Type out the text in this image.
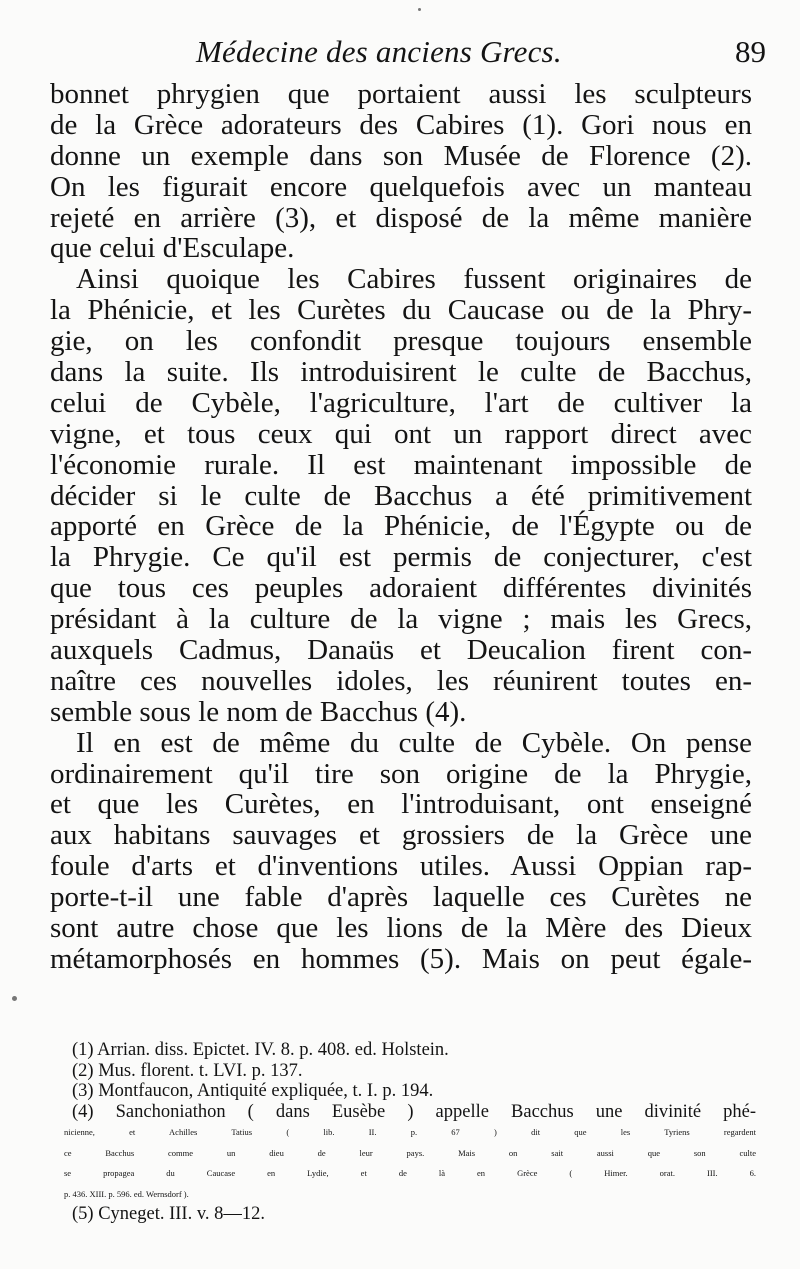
Médecine des anciens Grecs.	89
bonnet phrygien que portaient aussi les sculpteurs
de la Grèce adorateurs des Cabires (1). Gori nous en
donne un exemple dans son Musée de Florence (2).
On les figurait encore quelquefois avec un manteau
rejeté en arrière (3), et disposé de la même manière
que celui d'Esculape.
Ainsi quoique les Cabires fussent originaires de
la Phénicie, et les Curètes du Caucase ou de la Phry-
gie, on les confondit presque toujours ensemble
dans la suite. Ils introduisirent le culte de Bacchus,
celui de Cybèle, l'agriculture, l'art de cultiver la
vigne, et tous ceux qui ont un rapport direct avec
l'économie rurale. Il est maintenant impossible de
décider si le culte de Bacchus a été primitivement
apporté en Grèce de la Phénicie, de l'Égypte ou de
la Phrygie. Ce qu'il est permis de conjecturer, c'est
que tous ces peuples adoraient différentes divinités
présidant à la culture de la vigne ; mais les Grecs,
auxquels Cadmus, Danaüs et Deucalion firent con-
naître ces nouvelles idoles, les réunirent toutes en-
semble sous le nom de Bacchus (4).
Il en est de même du culte de Cybèle. On pense
ordinairement qu'il tire son origine de la Phrygie,
et que les Curètes, en l'introduisant, ont enseigné
aux habitans sauvages et grossiers de la Grèce une
foule d'arts et d'inventions utiles. Aussi Oppian rap-
porte-t-il une fable d'après laquelle ces Curètes ne
sont autre chose que les lions de la Mère des Dieux
métamorphosés en hommes (5). Mais on peut égale-
(1) Arrian. diss. Epictet. IV. 8. p. 408. ed. Holstein.
(2) Mus. florent. t. LVI. p. 137.
(3) Montfaucon, Antiquité expliquée, t. I. p. 194.
(4) Sanchoniathon ( dans Eusèbe ) appelle Bacchus une divinité phé-
nicienne, et Achilles Tatius ( lib. II. p. 67 ) dit que les Tyriens regardent
ce Bacchus comme un dieu de leur pays. Mais on sait aussi que son culte
se propagea du Caucase en Lydie, et de là en Grèce ( Himer. orat. III. 6.
p. 436. XIII. p. 596. ed. Wernsdorf ).
(5) Cyneget. III. v. 8—12.
